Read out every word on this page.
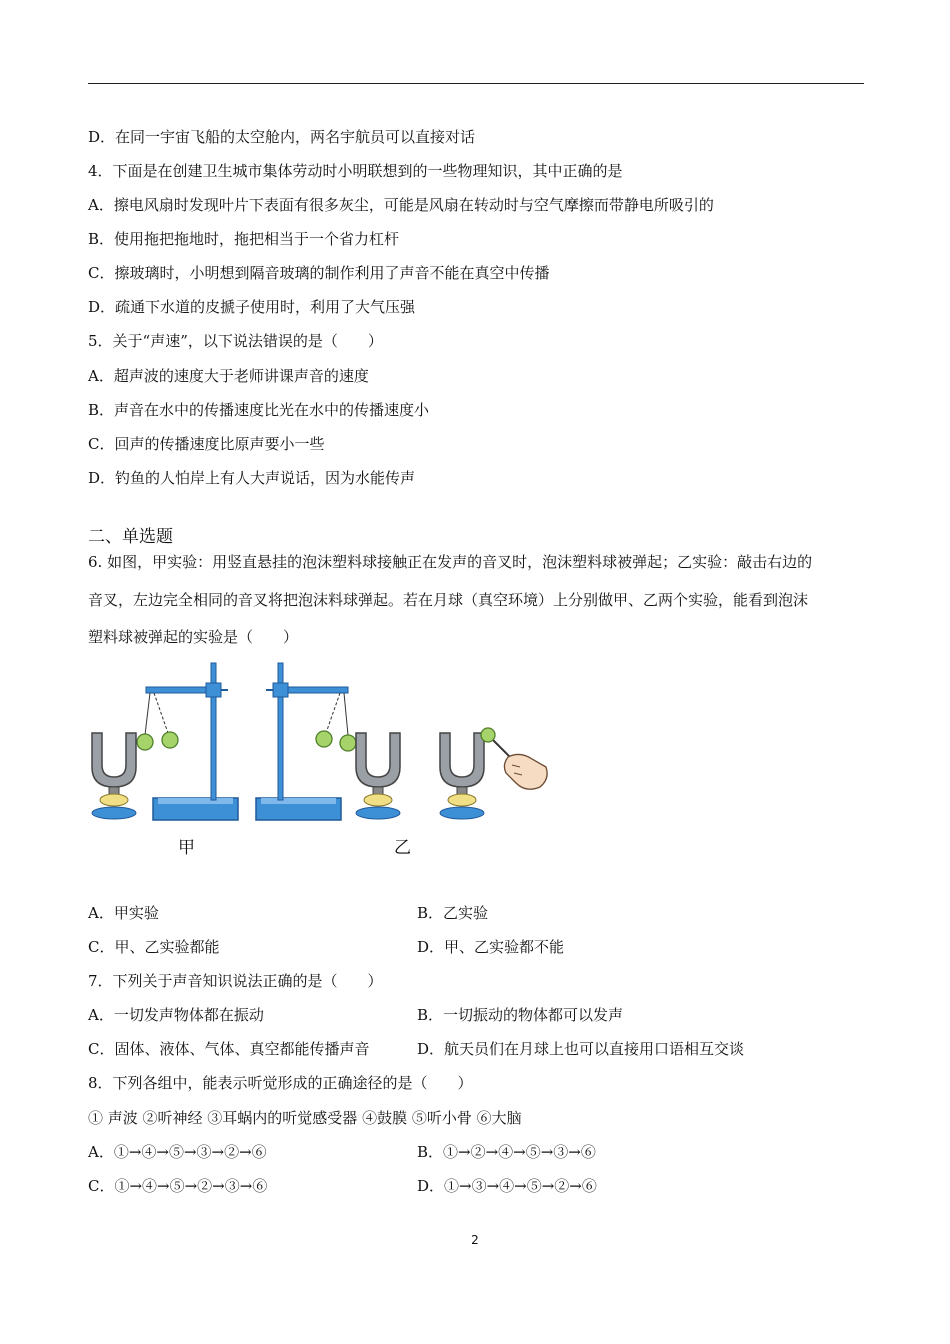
D．在同一宇宙飞船的太空舱内，两名宇航员可以直接对话
4．下面是在创建卫生城市集体劳动时小明联想到的一些物理知识，其中正确的是
A．擦电风扇时发现叶片下表面有很多灰尘，可能是风扇在转动时与空气摩擦而带静电所吸引的
B．使用拖把拖地时，拖把相当于一个省力杠杆
C．擦玻璃时，小明想到隔音玻璃的制作利用了声音不能在真空中传播
D．疏通下水道的皮搋子使用时，利用了大气压强
5．关于“声速”，以下说法错误的是（　　）
A．超声波的速度大于老师讲课声音的速度
B．声音在水中的传播速度比光在水中的传播速度小
C．回声的传播速度比原声要小一些
D．钓鱼的人怕岸上有人大声说话，因为水能传声
二、单选题
6. 如图，甲实验：用竖直悬挂的泡沫塑料球接触正在发声的音叉时，泡沫塑料球被弹起；乙实验：敲击右边的
音叉，左边完全相同的音叉将把泡沫料球弹起。若在月球（真空环境）上分别做甲、乙两个实验，能看到泡沫
塑料球被弹起的实验是（　　）
甲	乙
A．甲实验	B．乙实验
C．甲、乙实验都能	D．甲、乙实验都不能
7．下列关于声音知识说法正确的是（　　）
A．一切发声物体都在振动	B．一切振动的物体都可以发声
C．固体、液体、气体、真空都能传播声音	D．航天员们在月球上也可以直接用口语相互交谈
8．下列各组中，能表示听觉形成的正确途径的是（　　）
① 声波 ②听神经 ③耳蜗内的听觉感受器 ④鼓膜 ⑤听小骨 ⑥大脑
A．①→④→⑤→③→②→⑥	B．①→②→④→⑤→③→⑥
C．①→④→⑤→②→③→⑥	D．①→③→④→⑤→②→⑥
2
